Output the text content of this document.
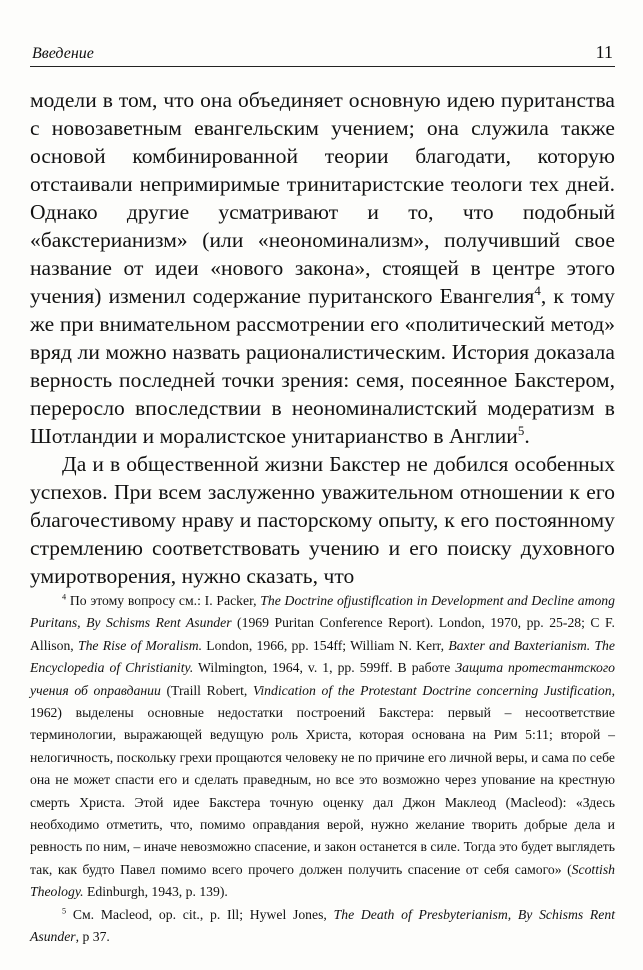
Введение	11

модели в том, что она объединяет основную идею пуританства с новозаветным евангельским учением; она служила также основой комбинированной теории благодати, которую отстаивали непримиримые тринитаристские теологи тех дней. Однако другие усматривают и то, что подобный «бакстерианизм» (или «неономинализм», получивший свое название от идеи «нового закона», стоящей в центре этого учения) изменил содержание пуританского Евангелия$^4$, к тому же при внимательном рассмотрении его «политический метод» вряд ли можно назвать рационалистическим. История доказала верность последней точки зрения: семя, посеянное Бакстером, переросло впоследствии в неономиналистский модератизм в Шотландии и моралистское унитарианство в Англии$^5$.

Да и в общественной жизни Бакстер не добился особенных успехов. При всем заслуженно уважительном отношении к его благочестивому нраву и пасторскому опыту, к его постоянному стремлению соответствовать учению и его поиску духовного умиротворения, нужно сказать, что

$^4$ По этому вопросу см.: I. Packer, The Doctrine ofjustiflcation in Development and Decline among Puritans, By Schisms Rent Asunder (1969 Puritan Conference Report). London, 1970, pp. 25-28; C F. Allison, The Rise of Moralism. London, 1966, pp. 154ff; William N. Kerr, Baxter and Baxterianism. The Encyclopedia of Christianity. Wilmington, 1964, v. 1, pp. 599ff. В работе Защита протестантского учения об оправдании (Traill Robert, Vindication of the Protestant Doctrine concerning Justification, 1962) выделены основные недостатки построений Бакстера: первый – несоответствие терминологии, выражающей ведущую роль Христа, которая основана на Рим 5:11; второй – нелогичность, поскольку грехи прощаются человеку не по причине его личной веры, и сама по себе она не может спасти его и сделать праведным, но все это возможно через упование на крестную смерть Христа. Этой идее Бакстера точную оценку дал Джон Маклеод (Macleod): «Здесь необходимо отметить, что, помимо оправдания верой, нужно желание творить добрые дела и ревность по ним, – иначе невозможно спасение, и закон останется в силе. Тогда это будет выглядеть так, как будто Павел помимо всего прочего должен получить спасение от себя самого» (Scottish Theology. Edinburgh, 1943, p. 139).

$^5$ См. Macleod, op. cit., p. Ill; Hywel Jones, The Death of Presbyterianism, By Schisms Rent Asunder, p 37.
